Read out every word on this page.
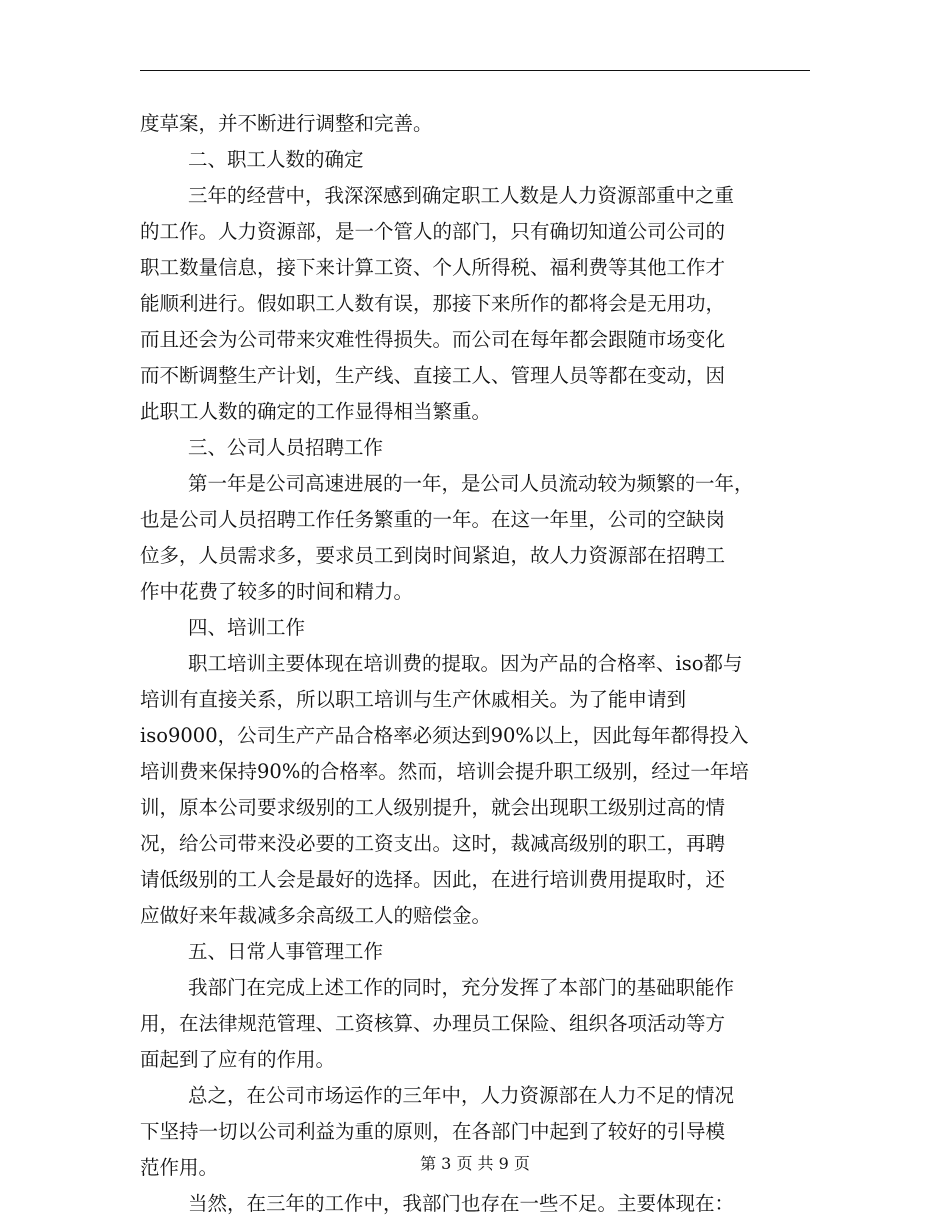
度草案，并不断进行调整和完善。
二、职工人数的确定
三年的经营中，我深深感到确定职工人数是人力资源部重中之重
的工作。人力资源部，是一个管人的部门，只有确切知道公司公司的
职工数量信息，接下来计算工资、个人所得税、福利费等其他工作才
能顺利进行。假如职工人数有误，那接下来所作的都将会是无用功，
而且还会为公司带来灾难性得损失。而公司在每年都会跟随市场变化
而不断调整生产计划，生产线、直接工人、管理人员等都在变动，因
此职工人数的确定的工作显得相当繁重。
三、公司人员招聘工作
第一年是公司高速进展的一年，是公司人员流动较为频繁的一年，
也是公司人员招聘工作任务繁重的一年。在这一年里，公司的空缺岗
位多，人员需求多，要求员工到岗时间紧迫，故人力资源部在招聘工
作中花费了较多的时间和精力。
四、培训工作
职工培训主要体现在培训费的提取。因为产品的合格率、iso都与
培训有直接关系，所以职工培训与生产休戚相关。为了能申请到
iso9000，公司生产产品合格率必须达到90%以上，因此每年都得投入
培训费来保持90%的合格率。然而，培训会提升职工级别，经过一年培
训，原本公司要求级别的工人级别提升，就会出现职工级别过高的情
况，给公司带来没必要的工资支出。这时，裁减高级别的职工，再聘
请低级别的工人会是最好的选择。因此，在进行培训费用提取时，还
应做好来年裁减多余高级工人的赔偿金。
五、日常人事管理工作
我部门在完成上述工作的同时，充分发挥了本部门的基础职能作
用，在法律规范管理、工资核算、办理员工保险、组织各项活动等方
面起到了应有的作用。
总之，在公司市场运作的三年中，人力资源部在人力不足的情况
下坚持一切以公司利益为重的原则，在各部门中起到了较好的引导模
范作用。
当然，在三年的工作中，我部门也存在一些不足。主要体现在：
第 3 页 共 9 页
